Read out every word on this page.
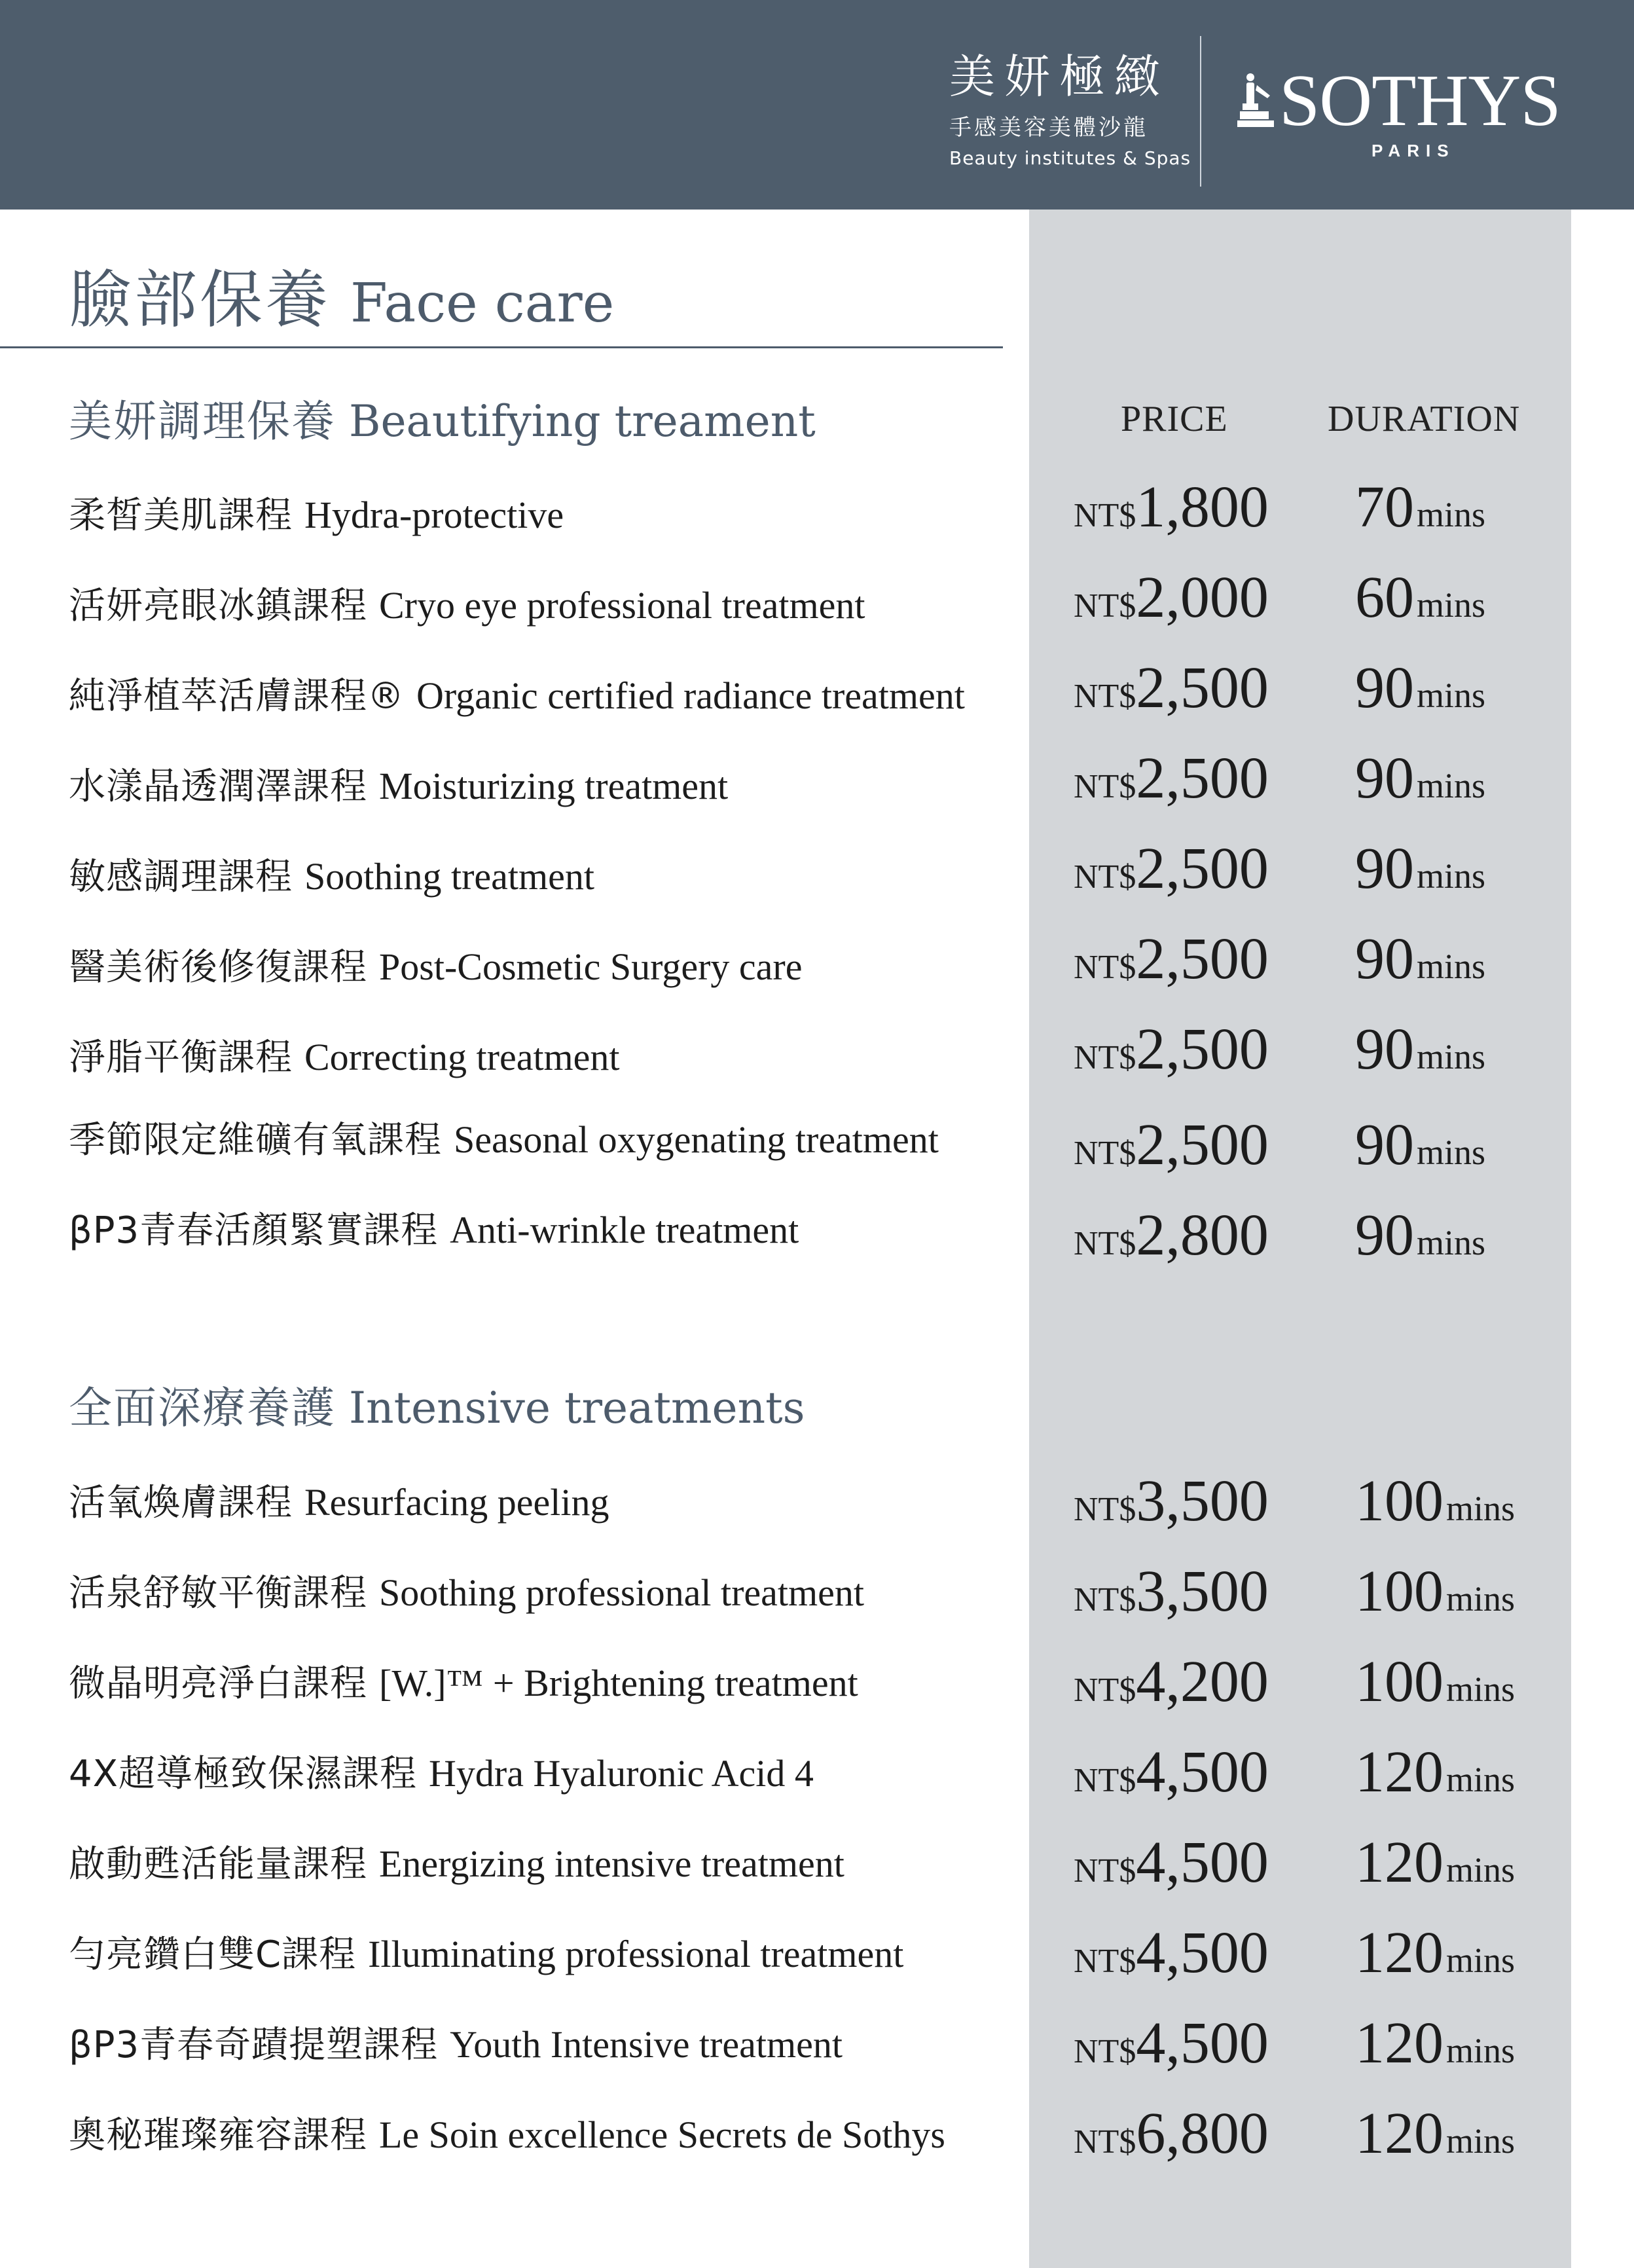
美妍極緻
手感美容美體沙龍
Beauty institutes & Spas
SOTHYS
PARIS
臉部保養 Face care
PRICE	DURATION
美妍調理保養 Beautifying treament
柔皙美肌課程 Hydra-protective	NT$1,800 70mins
活妍亮眼冰鎮課程 Cryo eye professional treatment	NT$2,000 60mins
純淨植萃活膚課程® Organic certified radiance treatment	NT$2,500 90mins
水漾晶透潤澤課程 Moisturizing treatment	NT$2,500 90mins
敏感調理課程 Soothing treatment	NT$2,500 90mins
醫美術後修復課程 Post-Cosmetic Surgery care	NT$2,500 90mins
淨脂平衡課程 Correcting treatment	NT$2,500 90mins
季節限定維礦有氧課程 Seasonal oxygenating treatment	NT$2,500 90mins
βP3青春活顏緊實課程 Anti-wrinkle treatment	NT$2,800 90mins
全面深療養護 Intensive treatments
活氧煥膚課程 Resurfacing peeling	NT$3,500 100mins
活泉舒敏平衡課程 Soothing professional treatment	NT$3,500 100mins
微晶明亮淨白課程 [W.]™ + Brightening treatment	NT$4,200 100mins
4X超導極致保濕課程 Hydra Hyaluronic Acid 4	NT$4,500 120mins
啟動甦活能量課程 Energizing intensive treatment	NT$4,500 120mins
勻亮鑽白雙C課程 Illuminating professional treatment	NT$4,500 120mins
βP3青春奇蹟提塑課程 Youth Intensive treatment	NT$4,500 120mins
奧秘璀璨雍容課程 Le Soin excellence Secrets de Sothys	NT$6,800 120mins
